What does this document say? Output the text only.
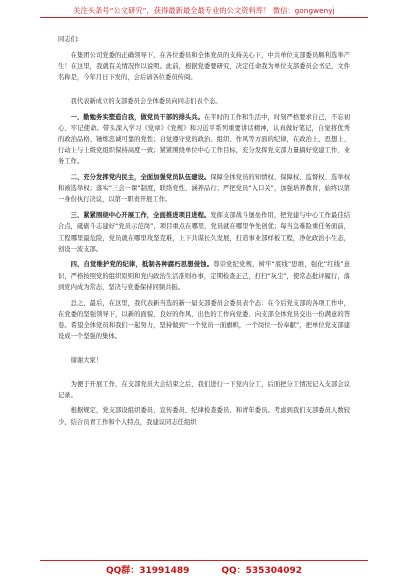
关注头条号“公文研究”，获得最新最全最专业的公文资料库！ 微信：gongwenyj

同志们:

在集团公司党委的正确领导下，在各位委员和全体党员的支持关心下，中共单位支部委员顺利选举产生！在这里，我就有关情况作以说明。此前，根据党委要研究，决定任命我为单位支部委员会书记，文件名称是，今年月日下发的，会后请各位委员传阅。

我代表新成立的支部委员会全体委员向同志们表个态。

一、勤勉务实塑造自我，做党员干部的排头兵。在平时的工作和生活中，时刻严格要求自己，不忘初心、牢记使命。带头深入学习《党章》《党规》和习近平系列重要讲话精神，认真做好笔记，自觉将优秀的政治品格、锤炼忠诚可靠的党性；自觉遵守党的政治、组织、作风等方面的纪律，在政治上、思想上、行动上与上级党组织保持高度一致；紧紧围绕单位中心工作目标，充分发挥党支部力量搞好党建工作、业务工作。

二、充分发挥党内民主，全面加强党员队伍建设。保障全体党员的知情权、保障权、监督权、选举权和被选举权；落实“三会一课”制度，联络党性、涵养品行；严把党员“入口关”，加强培养教育，始终以第一身份执行决议，以第一职责开展工作。

三、紧紧围绕中心开展工作，全面推进项目进程。发挥支部战斗堡垒作用，把党建与中心工作最佳结合点，砥砺斗志建好“党员示范岗”，项目重点在哪里，党员就在哪里争先创优；每当急难险重任务面前，工程哪里最危险，党员就在哪里攻坚克难，上下共谋长久发展，打造事业部样板工程，净化政治小生态，创设一流支部。

四、自觉维护党的纪律，抵制各种腐朽思想侵蚀。尊崇党纪党规，树牢“底线”思维，强化“红线”意识，严格按照党的组织原则和党内政治生活准则办事，定期检查正己，打扫“灰尘”，使常态批评履行，落到党内成为常态，坚决与党委保持同频共振。

总之，最后，在这里，我代表新当选的新一届支部委员会委员表个态：在今后党支部的各项工作中，在党委的坚强领导下，以新的面貌、良好的作风、出色的工作向党委、向支部全体党员交出一份满意的答卷。希望全体党员和我们一起努力，坚持做到“一个党员一面旗帜，一个岗位一份奉献”，把单位党支部建设成一个坚强的集体。

谢谢大家！

为便于开展工作，在支部党员大会结束之后，我们进行一下党内分工，后面把分工情况记入支部会议记录。

根据规定，党支部设组织委员、宣传委员、纪律检查委员、和青年委员。考虑到我们支部委员人数较少，结合员青工作和个人特点，我建议同志任组织

QQ群：31991489	QQ：535304092
